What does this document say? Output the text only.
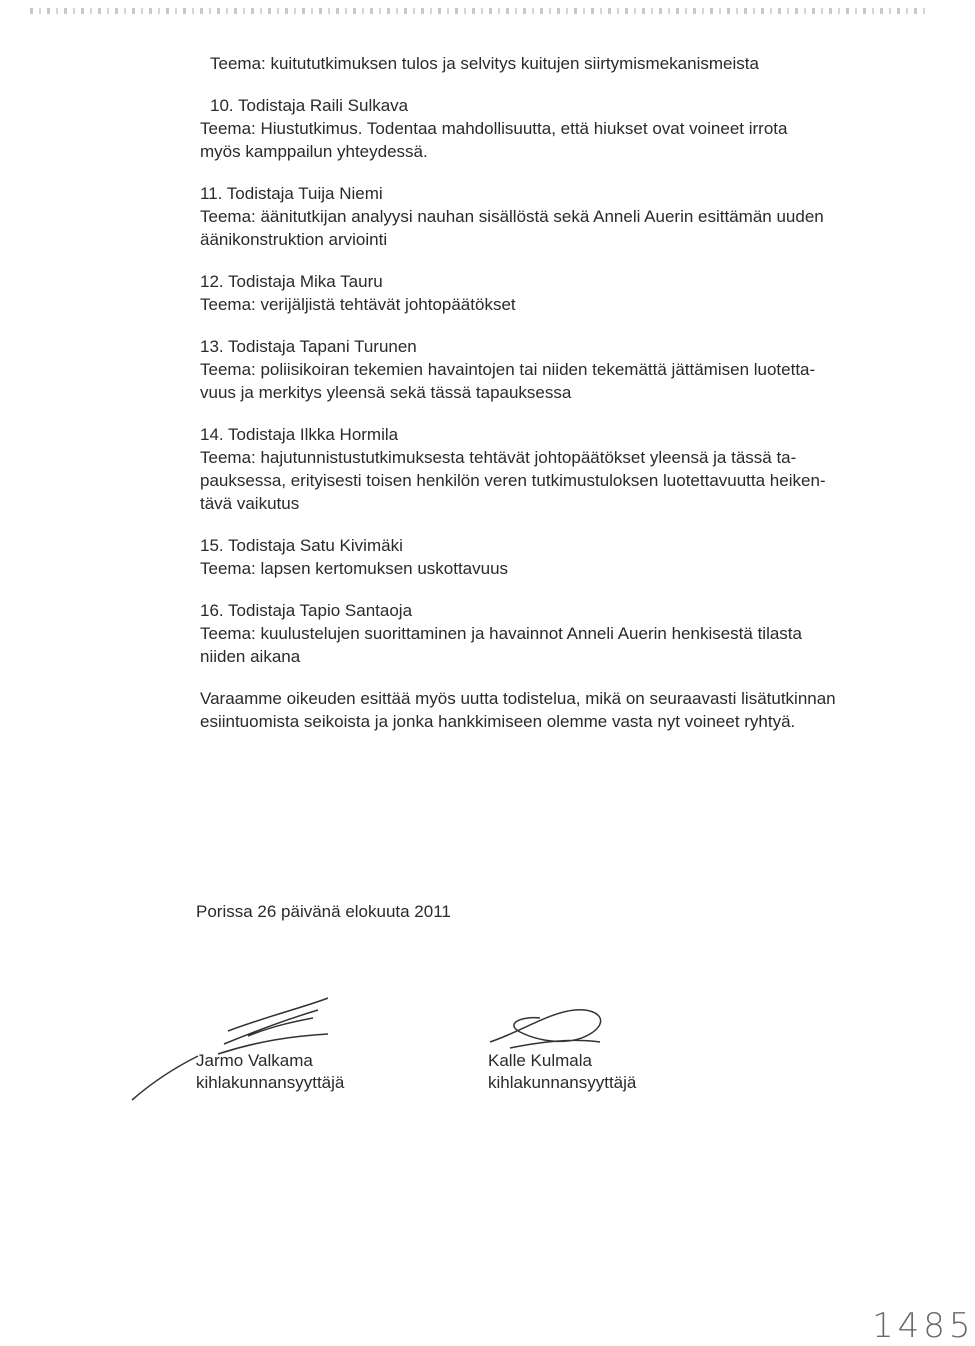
Teema: kuitututkimuksen tulos ja selvitys kuitujen siirtymismekanismeista
10. Todistaja Raili Sulkava
Teema: Hiustutkimus. Todentaa mahdollisuutta, että hiukset ovat voineet irrota
myös kamppailun yhteydessä.
11. Todistaja Tuija Niemi
Teema: äänitutkijan analyysi nauhan sisällöstä sekä Anneli Auerin esittämän uuden
äänikonstruktion arviointi
12. Todistaja Mika Tauru
Teema: verijäljistä tehtävät johtopäätökset
13. Todistaja Tapani Turunen
Teema: poliisikoiran tekemien havaintojen tai niiden tekemättä jättämisen luotetta-
vuus ja merkitys yleensä sekä tässä tapauksessa
14. Todistaja Ilkka Hormila
Teema: hajutunnistustutkimuksesta tehtävät johtopäätökset yleensä ja tässä ta-
pauksessa, erityisesti toisen henkilön veren tutkimustuloksen luotettavuutta heiken-
tävä vaikutus
15. Todistaja Satu Kivimäki
Teema: lapsen kertomuksen uskottavuus
16. Todistaja Tapio Santaoja
Teema: kuulustelujen suorittaminen ja havainnot Anneli Auerin henkisestä tilasta
niiden aikana
Varaamme oikeuden esittää myös uutta todistelua, mikä on seuraavasti lisätutkinnan
esiintuomista seikoista ja jonka hankkimiseen olemme vasta nyt voineet ryhtyä.
Porissa 26 päivänä elokuuta 2011
Jarmo Valkama
kihlakunnansyyttäjä
Kalle Kulmala
kihlakunnansyyttäjä
1485
